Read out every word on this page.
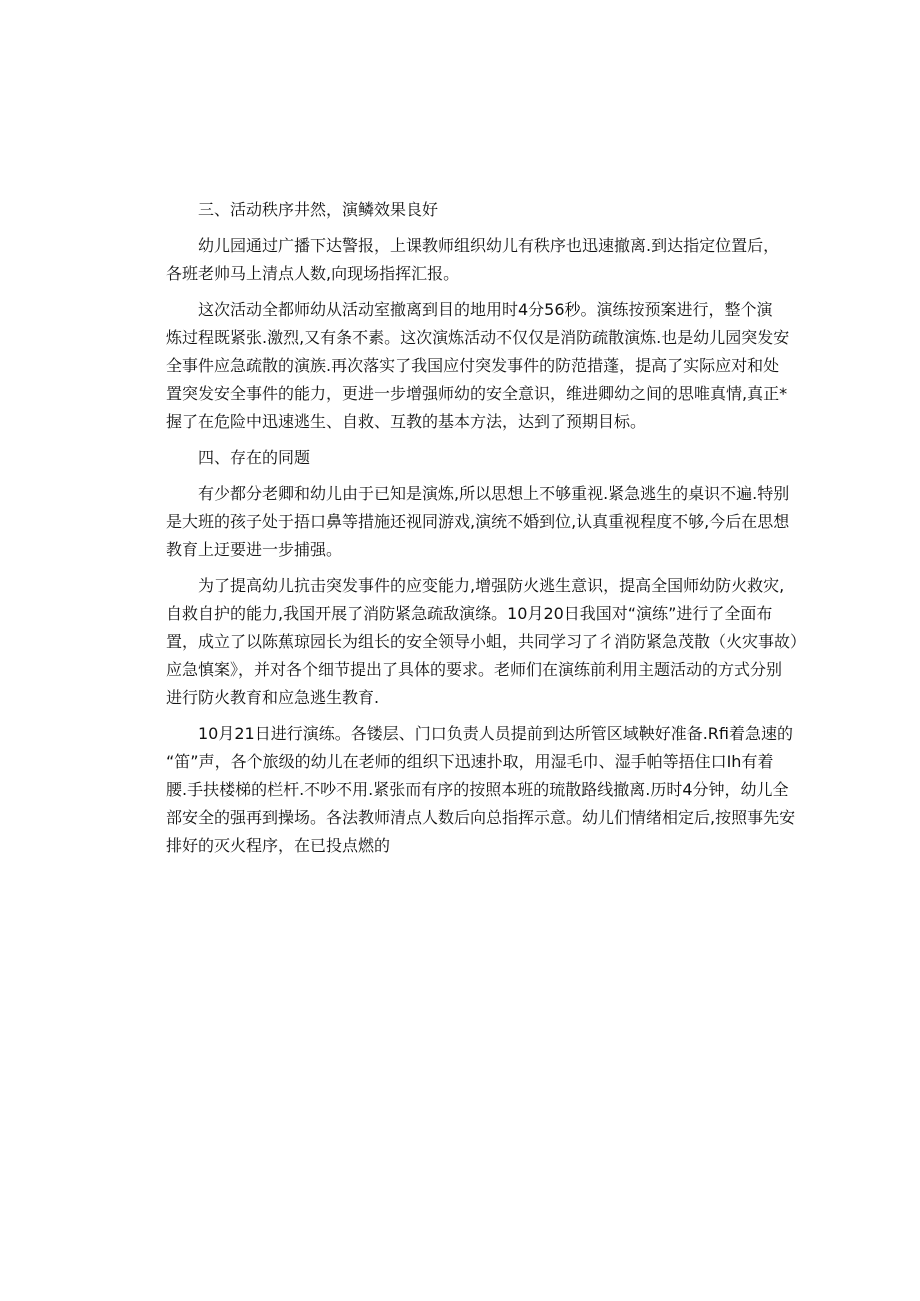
三、活动秩序井然，演鳞效果良好

幼儿园通过广播下达警报，上课教师组织幼儿有秩序也迅速撤离.到达指定位置后，
各班老帅马上清点人数,向现场指挥汇报。

这次活动全都师幼从活动室撤离到目的地用时4分56秒。演练按预案进行，整个演
炼过程既紧张.激烈,又有条不素。这次演炼活动不仅仅是消防疏散演炼.也是幼儿园突发安
全事件应急疏散的演族.再次落实了我国应付突发事件的防范措蓬，提高了实际应对和处
置突发安全事件的能力，更进一步增强师幼的安全意识，维进卿幼之间的思唯真情,真正*
握了在危险中迅速逃生、自救、互教的基本方法，达到了预期目标。

四、存在的同题

有少都分老卿和幼儿由于已知是演炼,所以思想上不够重视.紧急逃生的桌识不遍.特别
是大班的孩子处于捂口鼻等措施还视同游戏,演统不婚到位,认真重视程度不够,今后在思想
教育上迂要进一步捕强。

为了提高幼儿抗击突发事件的应变能力,增强防火逃生意识，提高全国师幼防火救灾,
自救自护的能力,我国开展了消防紧急疏敌演绦。10月20日我国对“演练”进行了全面布
置，成立了以陈蕉琼园长为组长的安全领导小蛆，共同学习了彳消防紧急茂散（火灾事故）
应急慎案》，并对各个细节提出了具体的要求。老师们在演练前利用主题活动的方式分别
进行防火教育和应急逃生教育.

10月21日进行演练。各镂层、门口负责人员提前到达所管区域鞅好准备.Rfi着急速的
“笛”声，各个旅级的幼儿在老师的组织下迅速扑取，用湿毛巾、湿手帕等捂住口Ih有着
腰.手扶楼梯的栏杆.不吵不用.紧张而有序的按照本班的琉散路线撤离.历时4分钟，幼儿全
部安全的强再到操场。各法教师清点人数后向总指挥示意。幼儿们情绪相定后,按照事先安
排好的灭火程序，在已投点燃的
